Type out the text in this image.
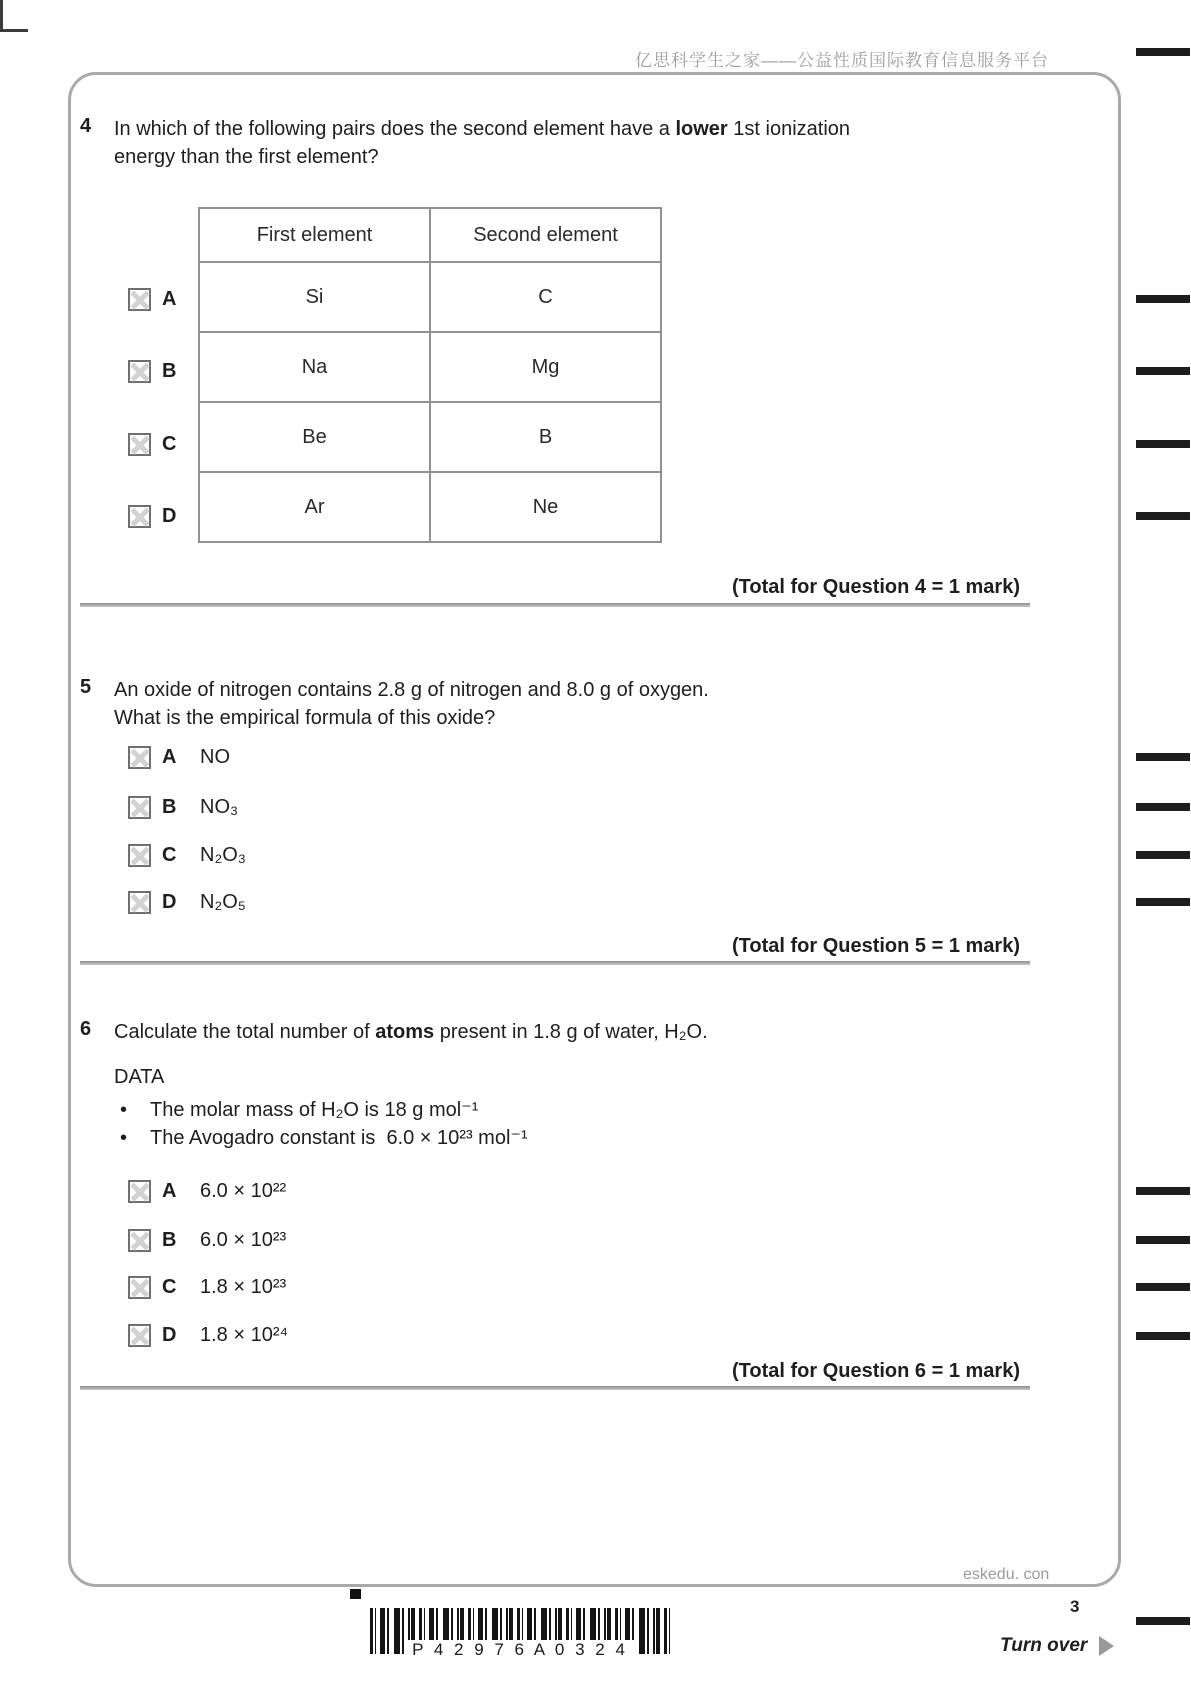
亿思科学生之家——公益性质国际教育信息服务平台
4 In which of the following pairs does the second element have a lower 1st ionization
energy than the first element?
First element	Second element
Si	C
Na	Mg
Be	B
Ar	Ne
A
B
C
D
(Total for Question 4 = 1 mark)
5 An oxide of nitrogen contains 2.8 g of nitrogen and 8.0 g of oxygen.
What is the empirical formula of this oxide?
A	NO
B	NO₃
C	N₂O₃
D	N₂O₅
(Total for Question 5 = 1 mark)
6 Calculate the total number of atoms present in 1.8 g of water, H₂O.
DATA
•	The molar mass of H₂O is 18 g mol⁻¹
•	The Avogadro constant is  6.0 × 10²³ mol⁻¹
A	6.0 × 10²²
B	6.0 × 10²³
C	1.8 × 10²³
D	1.8 × 10²⁴
(Total for Question 6 = 1 mark)
eskedu. con
3
P 4 2 9 7 6 A 0 3 2 4	Turn over
